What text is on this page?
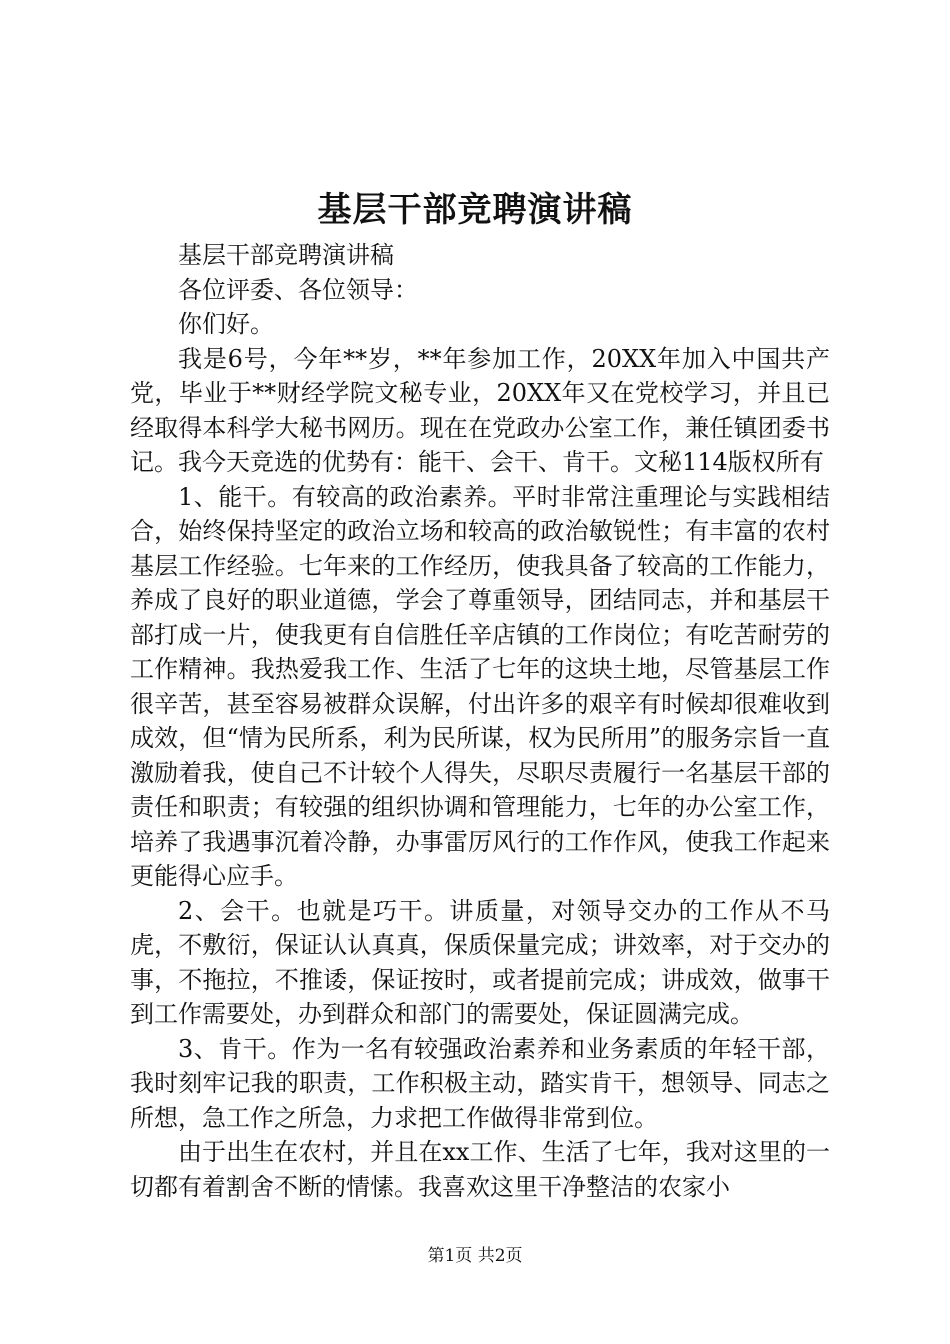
基层干部竞聘演讲稿

基层干部竞聘演讲稿

各位评委、各位领导：

你们好。

我是6号，今年**岁，**年参加工作，20XX年加入中国共产党，毕业于**财经学院文秘专业，20XX年又在党校学习，并且已经取得本科学大秘书网历。现在在党政办公室工作，兼任镇团委书记。我今天竞选的优势有：能干、会干、肯干。文秘114版权所有

1、能干。有较高的政治素养。平时非常注重理论与实践相结合，始终保持坚定的政治立场和较高的政治敏锐性；有丰富的农村基层工作经验。七年来的工作经历，使我具备了较高的工作能力，养成了良好的职业道德，学会了尊重领导，团结同志，并和基层干部打成一片，使我更有自信胜任辛店镇的工作岗位；有吃苦耐劳的工作精神。我热爱我工作、生活了七年的这块土地，尽管基层工作很辛苦，甚至容易被群众误解，付出许多的艰辛有时候却很难收到成效，但“情为民所系，利为民所谋，权为民所用”的服务宗旨一直激励着我，使自己不计较个人得失，尽职尽责履行一名基层干部的责任和职责；有较强的组织协调和管理能力，七年的办公室工作，培养了我遇事沉着冷静，办事雷厉风行的工作作风，使我工作起来更能得心应手。

2、会干。也就是巧干。讲质量，对领导交办的工作从不马虎，不敷衍，保证认认真真，保质保量完成；讲效率，对于交办的事，不拖拉，不推诿，保证按时，或者提前完成；讲成效，做事干到工作需要处，办到群众和部门的需要处，保证圆满完成。

3、肯干。作为一名有较强政治素养和业务素质的年轻干部，我时刻牢记我的职责，工作积极主动，踏实肯干，想领导、同志之所想，急工作之所急，力求把工作做得非常到位。

由于出生在农村，并且在xx工作、生活了七年，我对这里的一切都有着割舍不断的情愫。我喜欢这里干净整洁的农家小

第1页 共2页
